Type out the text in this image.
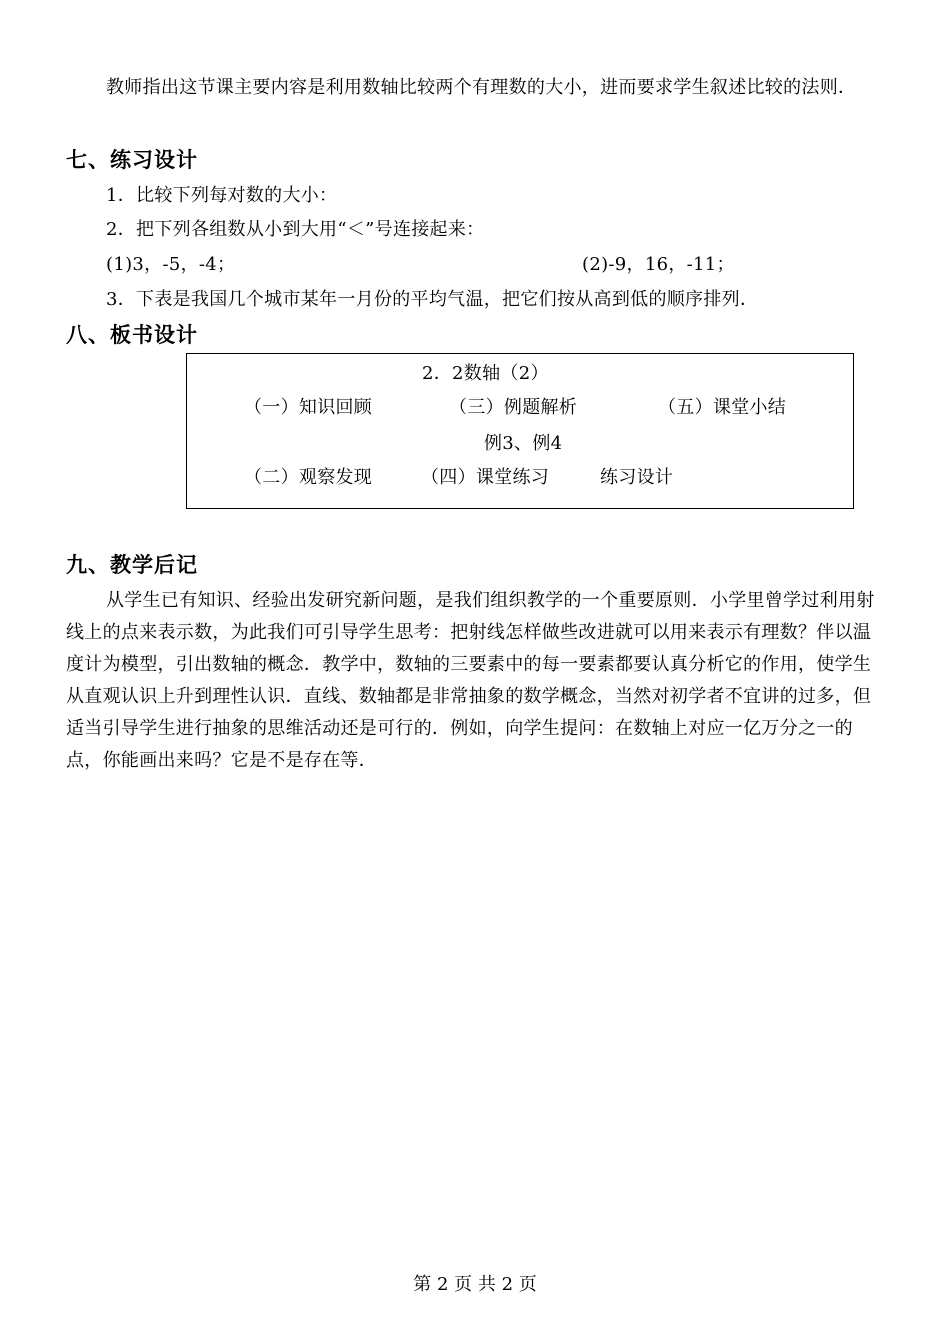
教师指出这节课主要内容是利用数轴比较两个有理数的大小，进而要求学生叙述比较的法则．

七、练习设计
1．比较下列每对数的大小：
2．把下列各组数从小到大用“＜”号连接起来：
(1)3，-5，-4；	(2)-9，16，-11；
3．下表是我国几个城市某年一月份的平均气温，把它们按从高到低的顺序排列．
八、板书设计
2．2数轴（2）
（一）知识回顾	（三）例题解析	（五）课堂小结
例3、例4
（二）观察发现	（四）课堂练习	练习设计
九、教学后记

从学生已有知识、经验出发研究新问题，是我们组织教学的一个重要原则．小学里曾学过利用射线上的点来表示数，为此我们可引导学生思考：把射线怎样做些改进就可以用来表示有理数？伴以温度计为模型，引出数轴的概念．教学中，数轴的三要素中的每一要素都要认真分析它的作用，使学生从直观认识上升到理性认识．直线、数轴都是非常抽象的数学概念，当然对初学者不宜讲的过多，但适当引导学生进行抽象的思维活动还是可行的．例如，向学生提问：在数轴上对应一亿万分之一的点，你能画出来吗？它是不是存在等．

第 2 页 共 2 页
